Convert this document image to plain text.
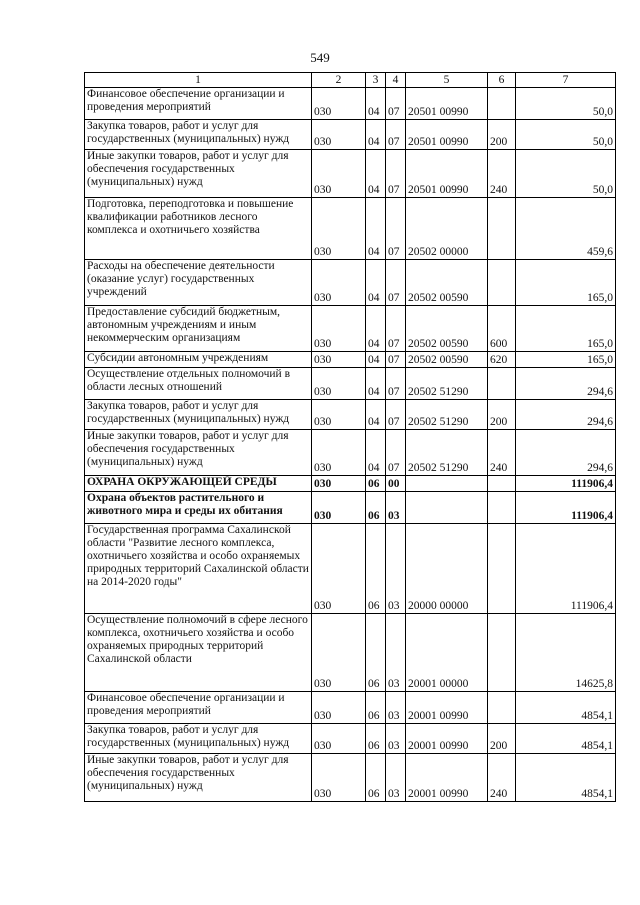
549
1	2	3	4	5	6	7
Финансовое обеспечение организации и проведения мероприятий	030	04	07	20501 00990		50,0
Закупка товаров, работ и услуг для государственных (муниципальных) нужд	030	04	07	20501 00990	200	50,0
Иные закупки товаров, работ и услуг для обеспечения государственных (муниципальных) нужд	030	04	07	20501 00990	240	50,0
Подготовка, переподготовка и повышение квалификации работников лесного комплекса и охотничьего хозяйства	030	04	07	20502 00000		459,6
Расходы на обеспечение деятельности (оказание услуг) государственных учреждений	030	04	07	20502 00590		165,0
Предоставление субсидий бюджетным, автономным учреждениям и иным некоммерческим организациям	030	04	07	20502 00590	600	165,0
Субсидии автономным учреждениям	030	04	07	20502 00590	620	165,0
Осуществление отдельных полномочий в области лесных отношений	030	04	07	20502 51290		294,6
Закупка товаров, работ и услуг для государственных (муниципальных) нужд	030	04	07	20502 51290	200	294,6
Иные закупки товаров, работ и услуг для обеспечения государственных (муниципальных) нужд	030	04	07	20502 51290	240	294,6
ОХРАНА ОКРУЖАЮЩЕЙ СРЕДЫ	030	06	00			111906,4
Охрана объектов растительного и животного мира и среды их обитания	030	06	03			111906,4
Государственная программа Сахалинской области "Развитие лесного комплекса, охотничьего хозяйства и особо охраняемых природных территорий Сахалинской области на 2014-2020 годы"	030	06	03	20000 00000		111906,4
Осуществление полномочий в сфере лесного комплекса, охотничьего хозяйства и особо охраняемых природных территорий Сахалинской области	030	06	03	20001 00000		14625,8
Финансовое обеспечение организации и проведения мероприятий	030	06	03	20001 00990		4854,1
Закупка товаров, работ и услуг для государственных (муниципальных) нужд	030	06	03	20001 00990	200	4854,1
Иные закупки товаров, работ и услуг для обеспечения государственных (муниципальных) нужд	030	06	03	20001 00990	240	4854,1
